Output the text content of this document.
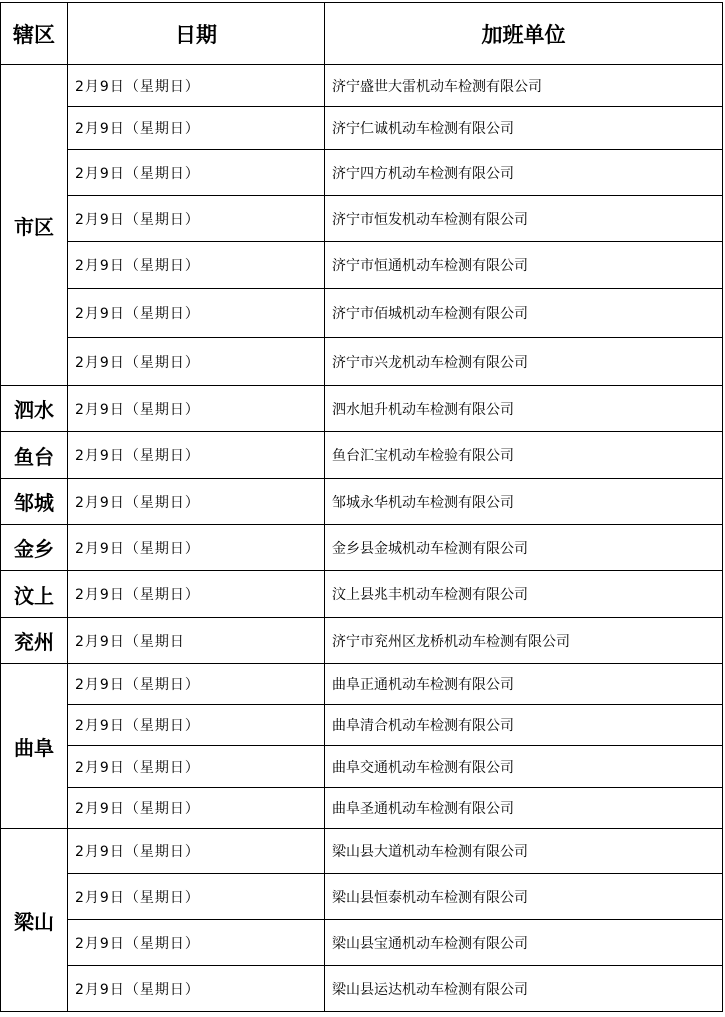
辖区	日期	加班单位
市区	2月9日（星期日）	济宁盛世大雷机动车检测有限公司
	2月9日（星期日）	济宁仁诚机动车检测有限公司
	2月9日（星期日）	济宁四方机动车检测有限公司
	2月9日（星期日）	济宁市恒发机动车检测有限公司
	2月9日（星期日）	济宁市恒通机动车检测有限公司
	2月9日（星期日）	济宁市佰城机动车检测有限公司
	2月9日（星期日）	济宁市兴龙机动车检测有限公司
泗水	2月9日（星期日）	泗水旭升机动车检测有限公司
鱼台	2月9日（星期日）	鱼台汇宝机动车检验有限公司
邹城	2月9日（星期日）	邹城永华机动车检测有限公司
金乡	2月9日（星期日）	金乡县金城机动车检测有限公司
汶上	2月9日（星期日）	汶上县兆丰机动车检测有限公司
兖州	2月9日（星期日	济宁市兖州区龙桥机动车检测有限公司
曲阜	2月9日（星期日）	曲阜正通机动车检测有限公司
	2月9日（星期日）	曲阜清合机动车检测有限公司
	2月9日（星期日）	曲阜交通机动车检测有限公司
	2月9日（星期日）	曲阜圣通机动车检测有限公司
梁山	2月9日（星期日）	梁山县大道机动车检测有限公司
	2月9日（星期日）	梁山县恒泰机动车检测有限公司
	2月9日（星期日）	梁山县宝通机动车检测有限公司
	2月9日（星期日）	梁山县运达机动车检测有限公司
